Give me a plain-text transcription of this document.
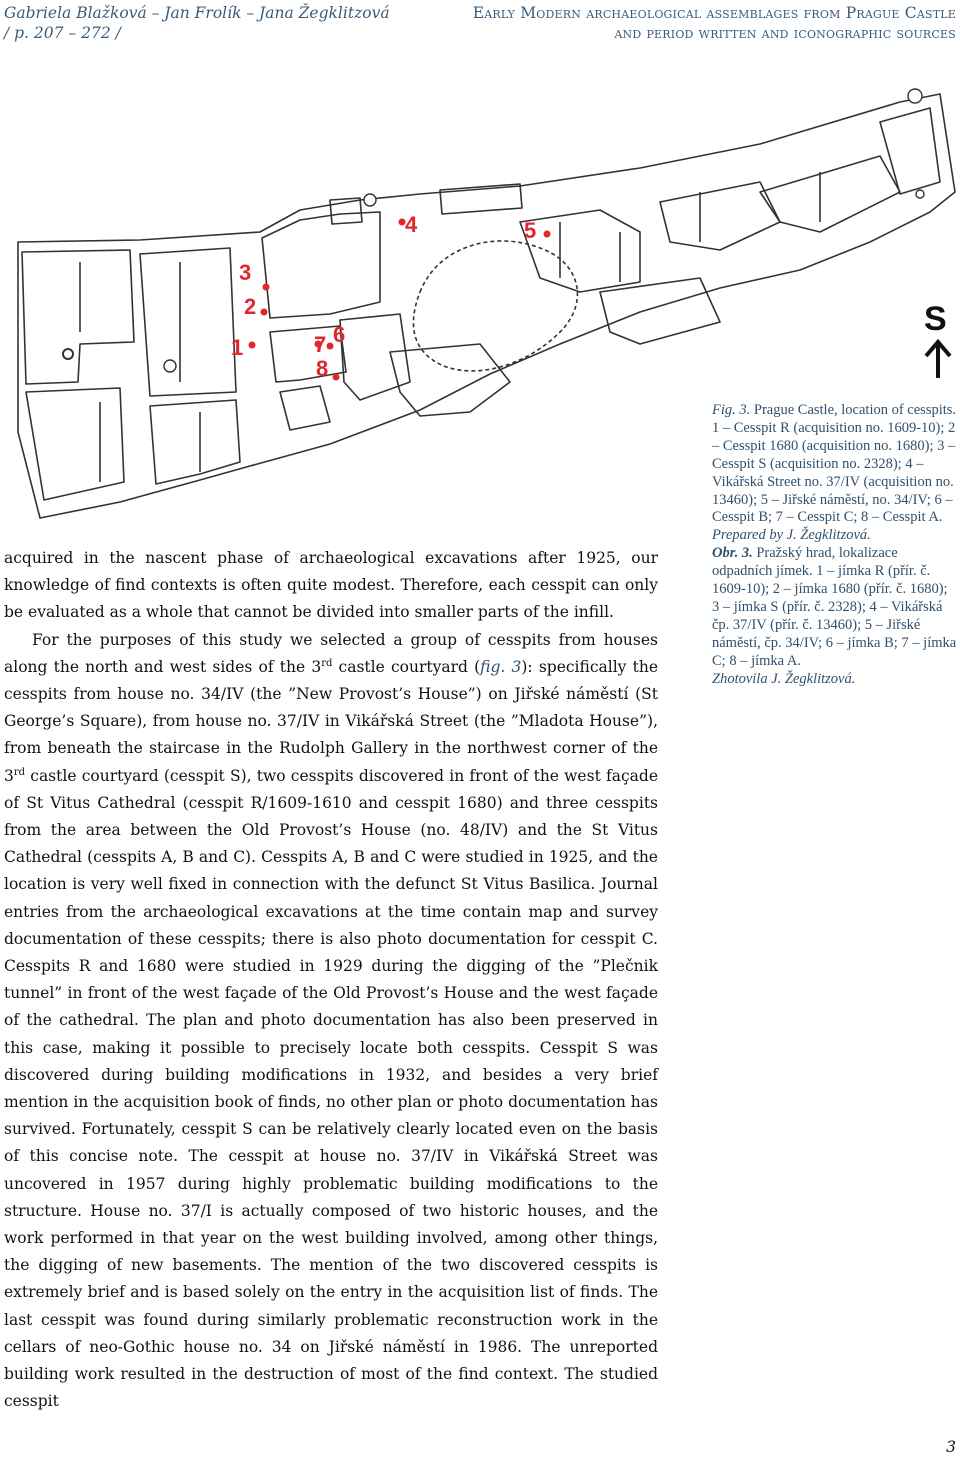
Gabriela Blažková – Jan Frolík – Jana Žegklitzová
/ p. 207 – 272 /
Early Modern archaeological assemblages from Prague Castle
and period written and iconographic sources
1
2
3
4	5
6
7
8
S

Fig. 3. Prague Castle, location of cesspits. 1 – Cesspit R (acquisition no. 1609-10); 2 – Cesspit 1680 (acquisition no. 1680); 3 – Cesspit S (acquisition no. 2328); 4 – Vikářská Street no. 37/IV (acquisition no. 13460); 5 – Jiřské náměstí, no. 34/IV; 6 – Cesspit B; 7 – Cesspit C; 8 – Cesspit A.

Prepared by J. Žegklitzová.

Obr. 3. Pražský hrad, lokalizace odpadních jímek. 1 – jímka R (přír. č. 1609-10); 2 – jímka 1680 (přír. č. 1680); 3 – jímka S (přír. č. 2328); 4 – Vikářská čp. 37/IV (přír. č. 13460); 5 – Jiřské náměstí, čp. 34/IV; 6 – jímka B; 7 – jímka C; 8 – jímka A.

Zhotovila J. Žegklitzová.

acquired in the nascent phase of archaeological excavations after 1925, our knowledge of find contexts is often quite modest. Therefore, each cesspit can only be evaluated as a whole that cannot be divided into smaller parts of the infill.

For the purposes of this study we selected a group of cesspits from houses along the north and west sides of the 3rd castle courtyard (fig. 3): specifically the cesspits from house no. 34/IV (the ”New Provost’s House”) on Jiřské náměstí (St George’s Square), from house no. 37/IV in Vikářská Street (the ”Mladota House”), from beneath the staircase in the Rudolph Gallery in the northwest corner of the 3rd castle courtyard (cesspit S), two cesspits discovered in front of the west façade of St Vitus Cathedral (cesspit R/1609-1610 and cesspit 1680) and three cesspits from the area between the Old Provost’s House (no. 48/IV) and the St Vitus Cathedral (cesspits A, B and C). Cesspits A, B and C were studied in 1925, and the location is very well fixed in connection with the defunct St Vitus Basilica. Journal entries from the archaeological excavations at the time contain map and survey documentation of these cesspits; there is also photo documentation for cesspit C. Cesspits R and 1680 were studied in 1929 during the digging of the ”Plečnik tunnel” in front of the west façade of the Old Provost’s House and the west façade of the cathedral. The plan and photo documentation has also been preserved in this case, making it possible to precisely locate both cesspits. Cesspit S was discovered during building modifications in 1932, and besides a very brief mention in the acquisition book of finds, no other plan or photo documentation has survived. Fortunately, cesspit S can be relatively clearly located even on the basis of this concise note. The cesspit at house no. 37/IV in Vikářská Street was uncovered in 1957 during highly problematic building modifications to the structure. House no. 37/I is actually composed of two historic houses, and the work performed in that year on the west building involved, among other things, the digging of new basements. The mention of the two discovered cesspits is extremely brief and is based solely on the entry in the acquisition list of finds. The last cesspit was found during similarly problematic reconstruction work in the cellars of neo-Gothic house no. 34 on Jiřské náměstí in 1986. The unreported building work resulted in the destruction of most of the find context. The studied cesspit

3
